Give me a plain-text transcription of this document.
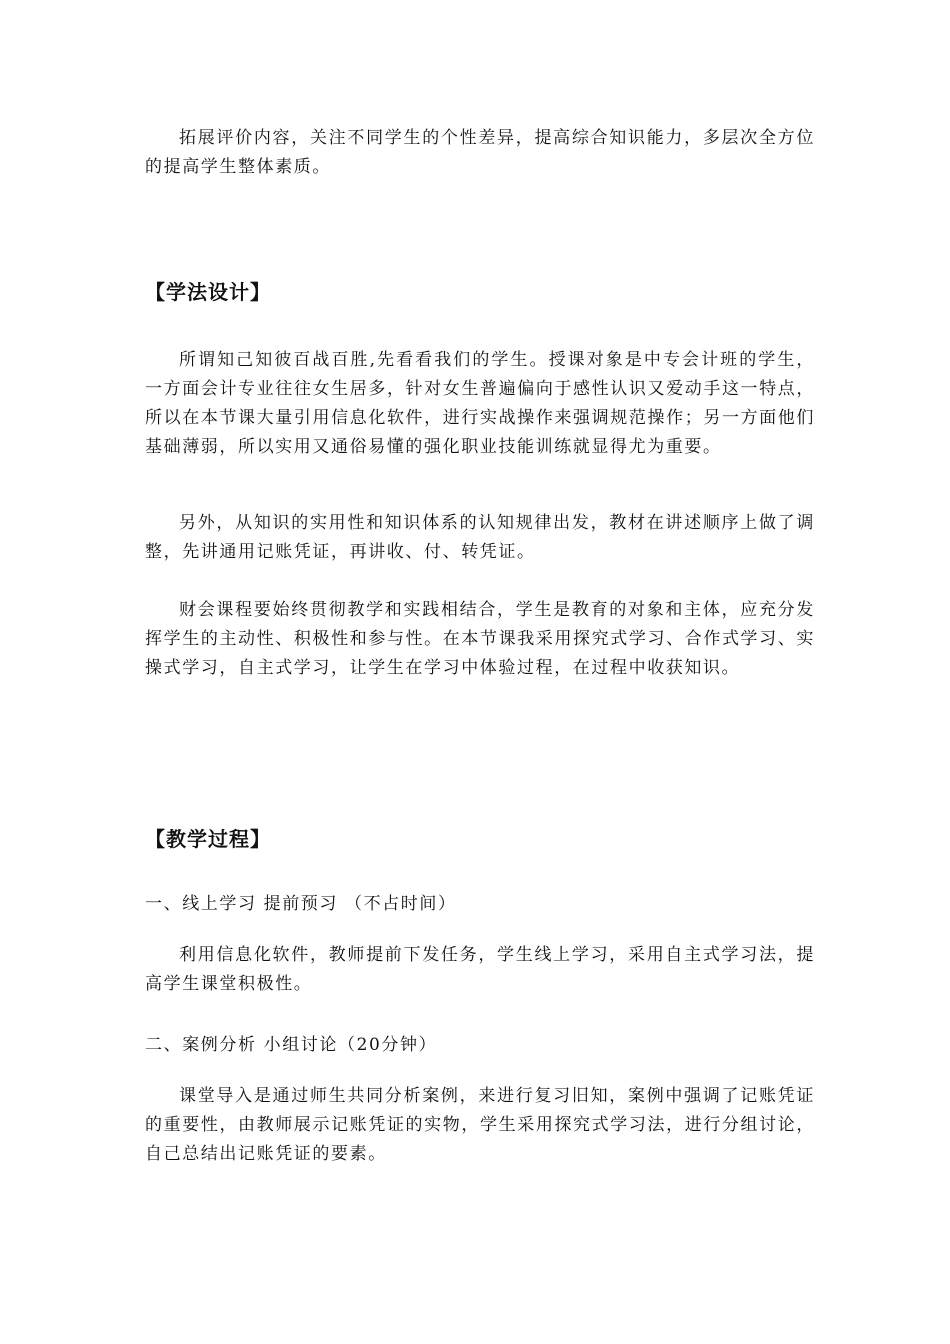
拓展评价内容，关注不同学生的个性差异，提高综合知识能力，多层次全方位的提高学生整体素质。

【学法设计】

所谓知己知彼百战百胜,先看看我们的学生。授课对象是中专会计班的学生，一方面会计专业往往女生居多，针对女生普遍偏向于感性认识又爱动手这一特点，所以在本节课大量引用信息化软件，进行实战操作来强调规范操作；另一方面他们基础薄弱，所以实用又通俗易懂的强化职业技能训练就显得尤为重要。

另外，从知识的实用性和知识体系的认知规律出发，教材在讲述顺序上做了调整，先讲通用记账凭证，再讲收、付、转凭证。

财会课程要始终贯彻教学和实践相结合，学生是教育的对象和主体，应充分发挥学生的主动性、积极性和参与性。在本节课我采用探究式学习、合作式学习、实操式学习，自主式学习，让学生在学习中体验过程，在过程中收获知识。

【教学过程】

一、线上学习 提前预习 （不占时间）

利用信息化软件，教师提前下发任务，学生线上学习，采用自主式学习法，提高学生课堂积极性。

二、案例分析 小组讨论（20分钟）

课堂导入是通过师生共同分析案例，来进行复习旧知，案例中强调了记账凭证的重要性，由教师展示记账凭证的实物，学生采用探究式学习法，进行分组讨论，自己总结出记账凭证的要素。
